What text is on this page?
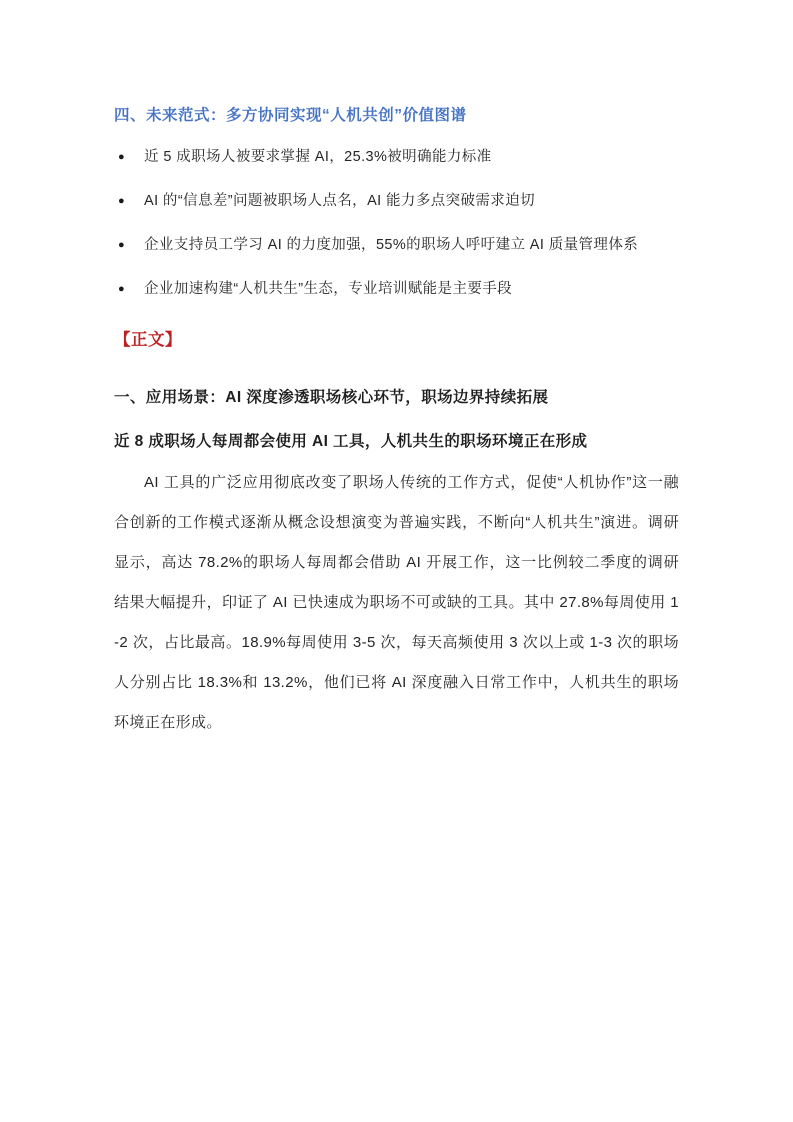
四、未来范式：多方协同实现“人机共创”价值图谱
●	近 5 成职场人被要求掌握 AI，25.3%被明确能力标准
●	AI 的“信息差”问题被职场人点名，AI 能力多点突破需求迫切
●	企业支持员工学习 AI 的力度加强，55%的职场人呼吁建立 AI 质量管理体系
●	企业加速构建“人机共生”生态，专业培训赋能是主要手段
【正文】
一、应用场景：AI 深度渗透职场核心环节，职场边界持续拓展
近 8 成职场人每周都会使用 AI 工具，人机共生的职场环境正在形成

AI 工具的广泛应用彻底改变了职场人传统的工作方式，促使“人机协作”这一融合创新的工作模式逐渐从概念设想演变为普遍实践，不断向“人机共生”演进。调研显示，高达 78.2%的职场人每周都会借助 AI 开展工作，这一比例较二季度的调研结果大幅提升，印证了 AI 已快速成为职场不可或缺的工具。其中 27.8%每周使用 1-2 次，占比最高。18.9%每周使用 3-5 次，每天高频使用 3 次以上或 1-3 次的职场人分别占比 18.3%和 13.2%，他们已将 AI 深度融入日常工作中，人机共生的职场环境正在形成。
